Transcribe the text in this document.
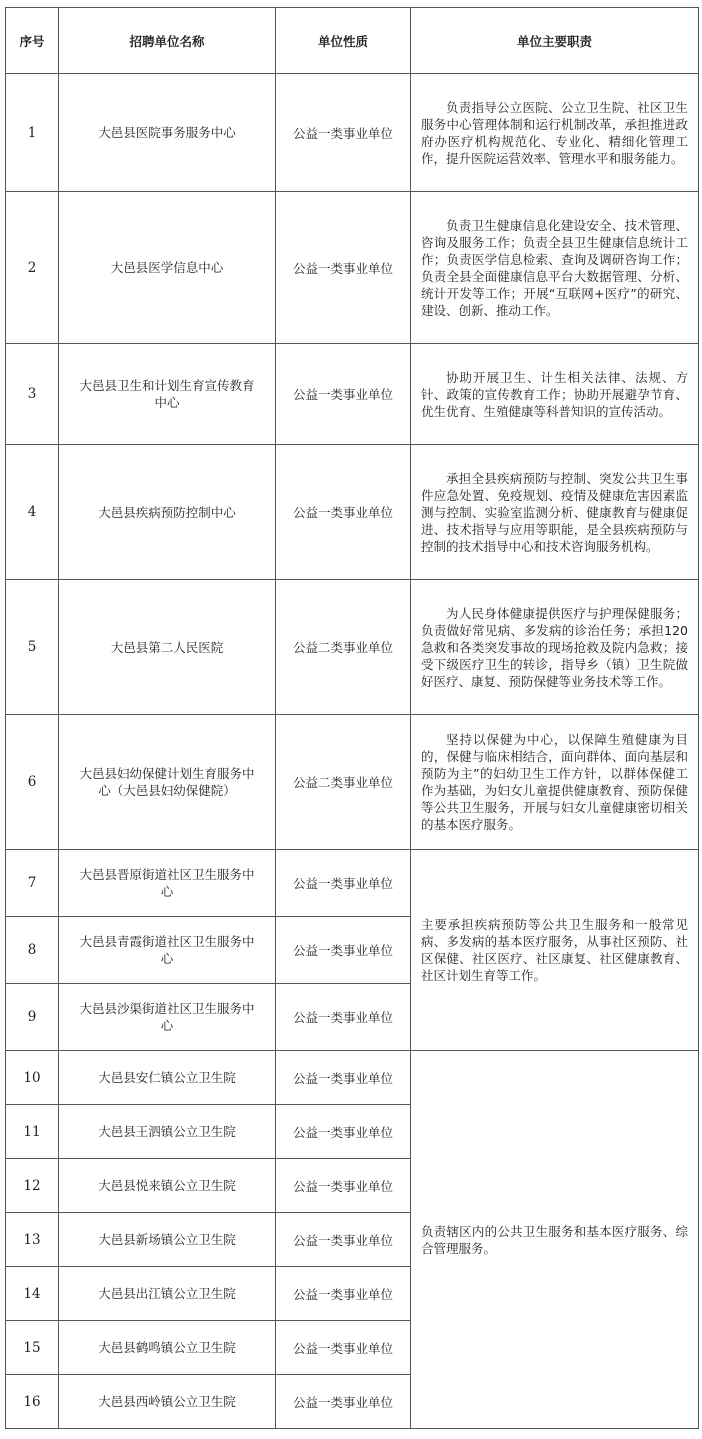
序号	招聘单位名称	单位性质	单位主要职责
1	大邑县医院事务服务中心	公益一类事业单位	负责指导公立医院、公立卫生院、社区卫生服务中心管理体制和运行机制改革，承担推进政府办医疗机构规范化、专业化、精细化管理工作，提升医院运营效率、管理水平和服务能力。

2	大邑县医学信息中心	公益一类事业单位	负责卫生健康信息化建设安全、技术管理、咨询及服务工作；负责全县卫生健康信息统计工作；负责医学信息检索、查询及调研咨询工作；负责全县全面健康信息平台大数据管理、分析、统计开发等工作；开展“互联网+医疗”的研究、建设、创新、推动工作。

3	大邑县卫生和计划生育宣传教育中心	公益一类事业单位	协助开展卫生、计生相关法律、法规、方针、政策的宣传教育工作；协助开展避孕节育、优生优育、生殖健康等科普知识的宣传活动。

4	大邑县疾病预防控制中心	公益一类事业单位	承担全县疾病预防与控制、突发公共卫生事件应急处置、免疫规划、疫情及健康危害因素监测与控制、实验室监测分析、健康教育与健康促进、技术指导与应用等职能，是全县疾病预防与控制的技术指导中心和技术咨询服务机构。

5	大邑县第二人民医院	公益二类事业单位	为人民身体健康提供医疗与护理保健服务；负责做好常见病、多发病的诊治任务；承担120急救和各类突发事故的现场抢救及院内急救；接受下级医疗卫生的转诊，指导乡（镇）卫生院做好医疗、康复、预防保健等业务技术等工作。

6	大邑县妇幼保健计划生育服务中心（大邑县妇幼保健院）	公益二类事业单位	坚持以保健为中心，以保障生殖健康为目的，保健与临床相结合，面向群体、面向基层和预防为主”的妇幼卫生工作方针，以群体保健工作为基础，为妇女儿童提供健康教育、预防保健等公共卫生服务，开展与妇女儿童健康密切相关的基本医疗服务。

7	大邑县晋原街道社区卫生服务中心	公益一类事业单位	主要承担疾病预防等公共卫生服务和一般常见病、多发病的基本医疗服务，从事社区预防、社区保健、社区医疗、社区康复、社区健康教育、社区计划生育等工作。

8	大邑县青霞街道社区卫生服务中心	公益一类事业单位	
9	大邑县沙渠街道社区卫生服务中心	公益一类事业单位	
10	大邑县安仁镇公立卫生院	公益一类事业单位	负责辖区内的公共卫生服务和基本医疗服务、综合管理服务。

11	大邑县王泗镇公立卫生院	公益一类事业单位	
12	大邑县悦来镇公立卫生院	公益一类事业单位	
13	大邑县新场镇公立卫生院	公益一类事业单位	
14	大邑县出江镇公立卫生院	公益一类事业单位	
15	大邑县鹤鸣镇公立卫生院	公益一类事业单位	
16	大邑县西岭镇公立卫生院	公益一类事业单位	
